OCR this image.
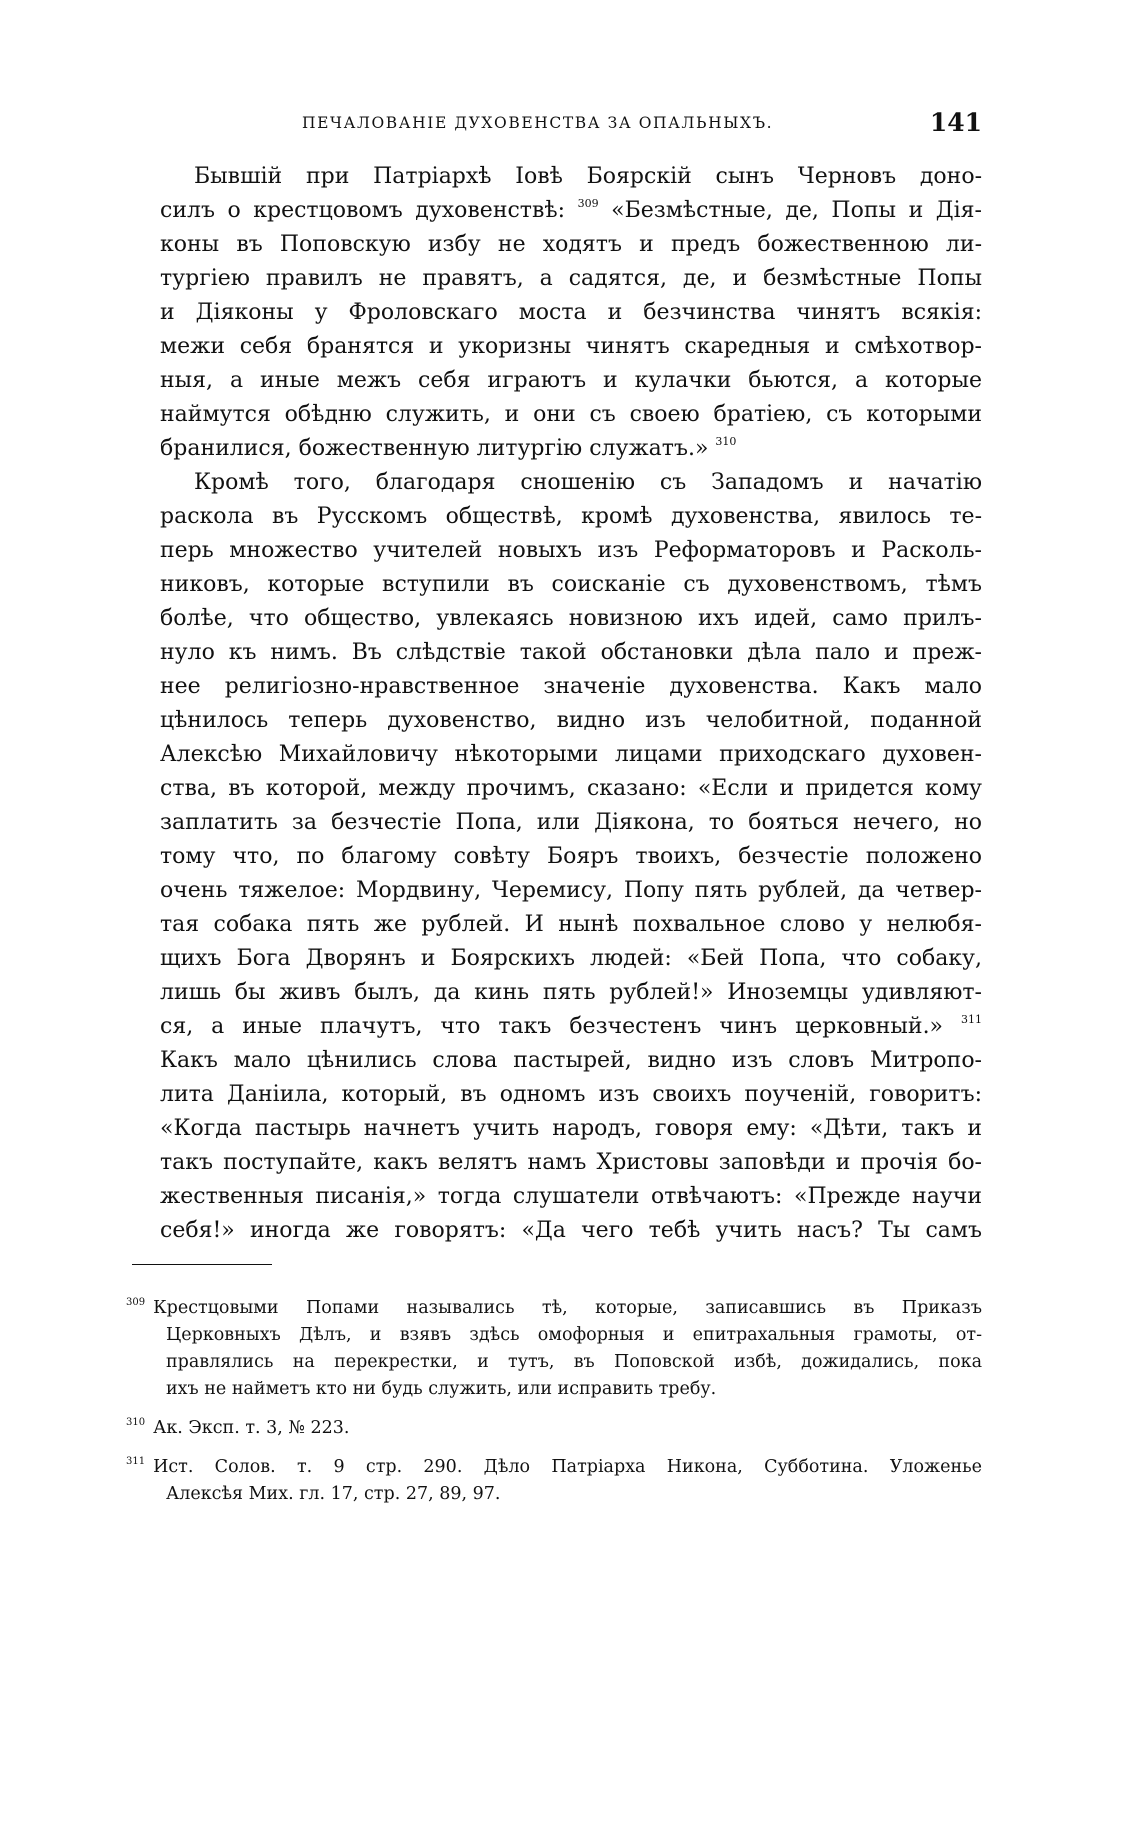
ПЕЧАЛОВАНІЕ ДУХОВЕНСТВА ЗА ОПАЛЬНЫХЪ.	141
Бывшій при Патріархѣ Іовѣ Боярскій сынъ Черновъ доно-
силъ о крестцовомъ духовенствѣ: $^{309}$ «Безмѣстные, де, Попы и Дія-
коны въ Поповскую избу не ходятъ и предъ божественною ли-
тургіею правилъ не правятъ, а садятся, де, и безмѣстные Попы
и Діяконы у Фроловскаго моста и безчинства чинятъ всякія:
межи себя бранятся и укоризны чинятъ скаредныя и смѣхотвор-
ныя, а иные межъ себя играютъ и кулачки бьются, а которые
наймутся обѣдню служить, и они съ своею братіею, съ которыми
бранилися, божественную литургію служатъ.» $^{310}$
Кромѣ того, благодаря сношенію съ Западомъ и начатію
раскола въ Русскомъ обществѣ, кромѣ духовенства, явилось те-
перь множество учителей новыхъ изъ Реформаторовъ и Расколь-
никовъ, которые вступили въ соисканіе съ духовенствомъ, тѣмъ
болѣе, что общество, увлекаясь новизною ихъ идей, само прилъ-
нуло къ нимъ. Въ слѣдствіе такой обстановки дѣла пало и преж-
нее религіозно-нравственное значеніе духовенства. Какъ мало
цѣнилось теперь духовенство, видно изъ челобитной, поданной
Алексѣю Михайловичу нѣкоторыми лицами приходскаго духовен-
ства, въ которой, между прочимъ, сказано: «Если и придется кому
заплатить за безчестіе Попа, или Діякона, то бояться нечего, но
тому что, по благому совѣту Бояръ твоихъ, безчестіе положено
очень тяжелое: Мордвину, Черемису, Попу пять рублей, да четвер-
тая собака пять же рублей. И нынѣ похвальное слово у нелюбя-
щихъ Бога Дворянъ и Боярскихъ людей: «Бей Попа, что собаку,
лишь бы живъ былъ, да кинь пять рублей!» Иноземцы удивляют-
ся, а иные плачутъ, что такъ безчестенъ чинъ церковный.» $^{311}$
Какъ мало цѣнились слова пастырей, видно изъ словъ Митропо-
лита Даніила, который, въ одномъ изъ своихъ поученій, говоритъ:
«Когда пастырь начнетъ учить народъ, говоря ему: «Дѣти, такъ и
такъ поступайте, какъ велятъ намъ Христовы заповѣди и прочія бо-
жественныя писанія,» тогда слушатели отвѣчаютъ: «Прежде научи
себя!» иногда же говорятъ: «Да чего тебѣ учить насъ? Ты самъ
$^{309}$ Крестцовыми Попами назывались тѣ, которые, записавшись въ Приказъ
Церковныхъ Дѣлъ, и взявъ здѣсь омофорныя и епитрахальныя грамоты, от-
правлялись на перекрестки, и тутъ, въ Поповской избѣ, дожидались, пока
ихъ не найметъ кто ни будь служить, или исправить требу.
$^{310}$ Ак. Эксп. т. 3, № 223.
$^{311}$ Ист. Солов. т. 9 стр. 290. Дѣло Патріарха Никона, Субботина. Уложенье
Алексѣя Мих. гл. 17, стр. 27, 89, 97.
